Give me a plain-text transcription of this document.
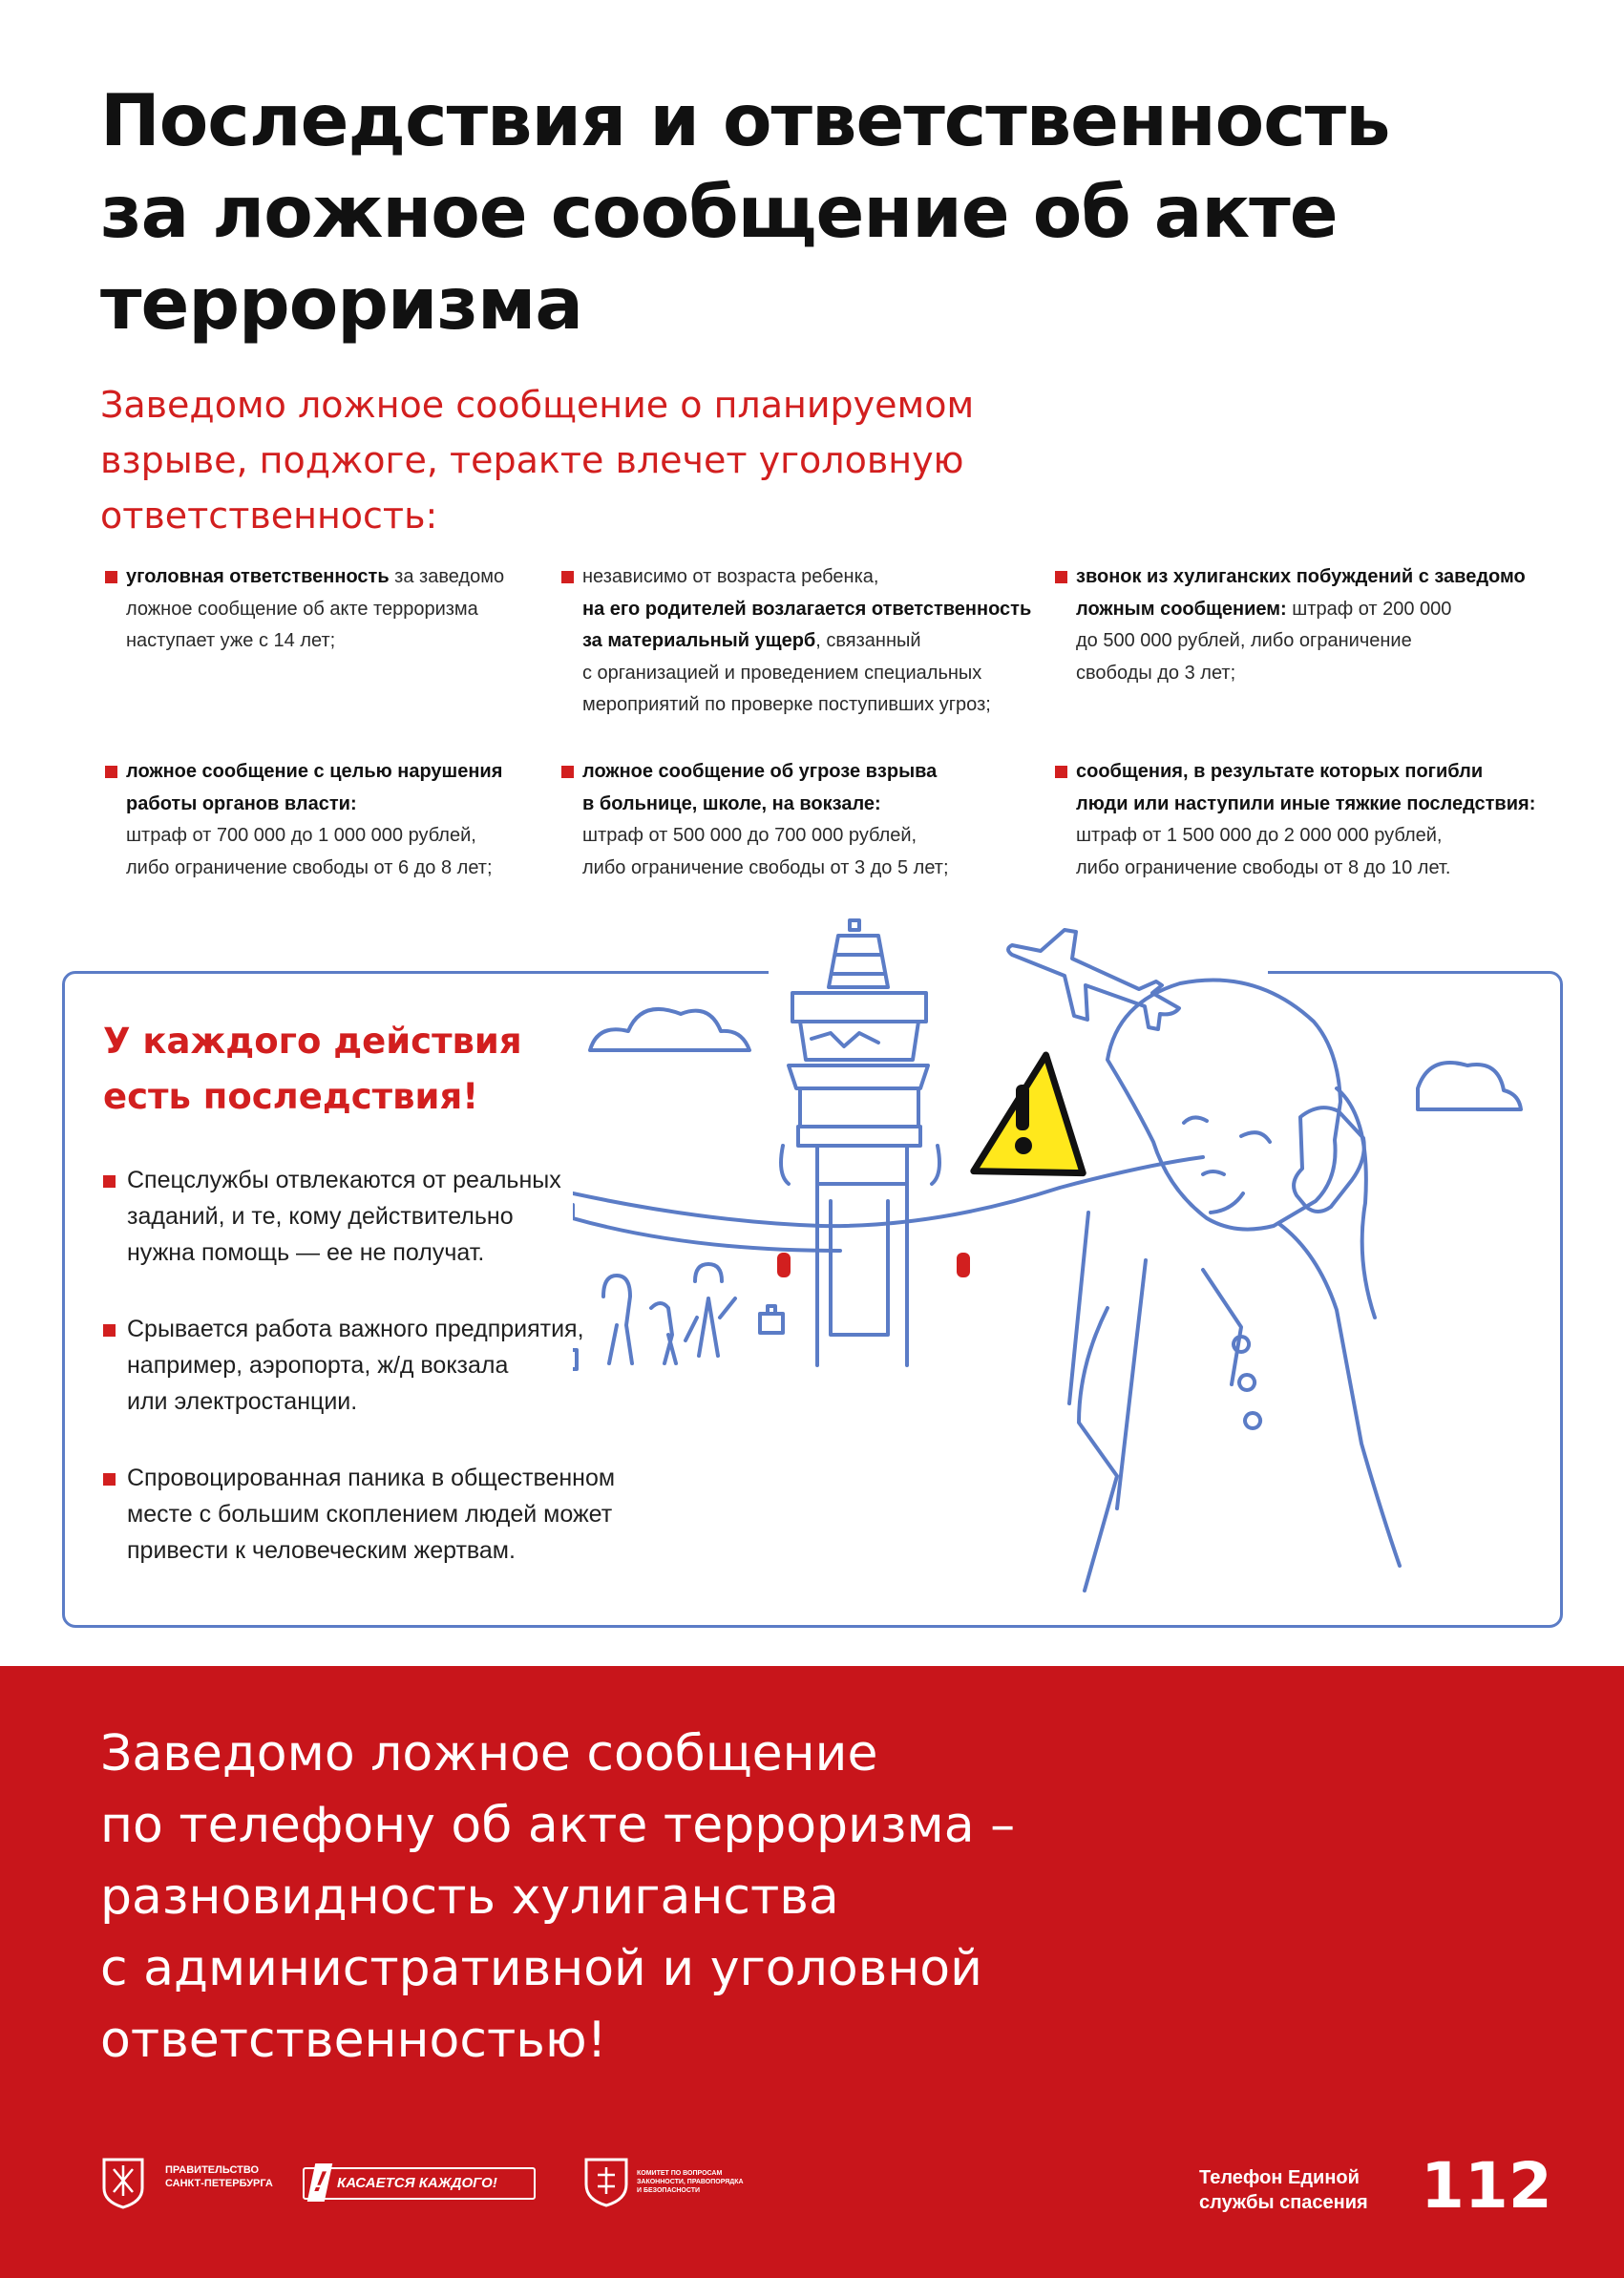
Последствия и ответственность
за ложное сообщение об акте
терроризма

Заведомо ложное сообщение о планируемом
взрыве, поджоге, теракте влечет уголовную
ответственность:

уголовная ответственность за заведомо
ложное сообщение об акте терроризма
наступает уже с 14 лет;
независимо от возраста ребенка,
на его родителей возлагается ответственность
за материальный ущерб, связанный
с организацией и проведением специальных
мероприятий по проверке поступивших угроз;
звонок из хулиганских побуждений с заведомо
ложным сообщением: штраф от 200 000
до 500 000 рублей, либо ограничение
свободы до 3 лет;
ложное сообщение с целью нарушения
работы органов власти:
штраф от 700 000 до 1 000 000 рублей,
либо ограничение свободы от 6 до 8 лет;
ложное сообщение об угрозе взрыва
в больнице, школе, на вокзале:
штраф от 500 000 до 700 000 рублей,
либо ограничение свободы от 3 до 5 лет;
сообщения, в результате которых погибли
люди или наступили иные тяжкие последствия:
штраф от 1 500 000 до 2 000 000 рублей,
либо ограничение свободы от 8 до 10 лет.
У каждого действия
есть последствия!
Спецслужбы отвлекаются от реальных
заданий, и те, кому действительно
нужна помощь — ее не получат.
Срывается работа важного предприятия,
например, аэропорта, ж/д вокзала
или электростанции.
Спровоцированная паника в общественном
месте с большим скоплением людей может
привести к человеческим жертвам.

Заведомо ложное сообщение
по телефону об акте терроризма –
разновидность хулиганства
с административной и уголовной
ответственностью!

ПРАВИТЕЛЬСТВО
САНКТ-ПЕТЕРБУРГА ! КАСАЕТСЯ КАЖДОГО!
КОМИТЕТ ПО ВОПРОСАМ
ЗАКОННОСТИ, ПРАВОПОРЯДКА
И БЕЗОПАСНОСТИ
Телефон Единой
службы спасения 112
